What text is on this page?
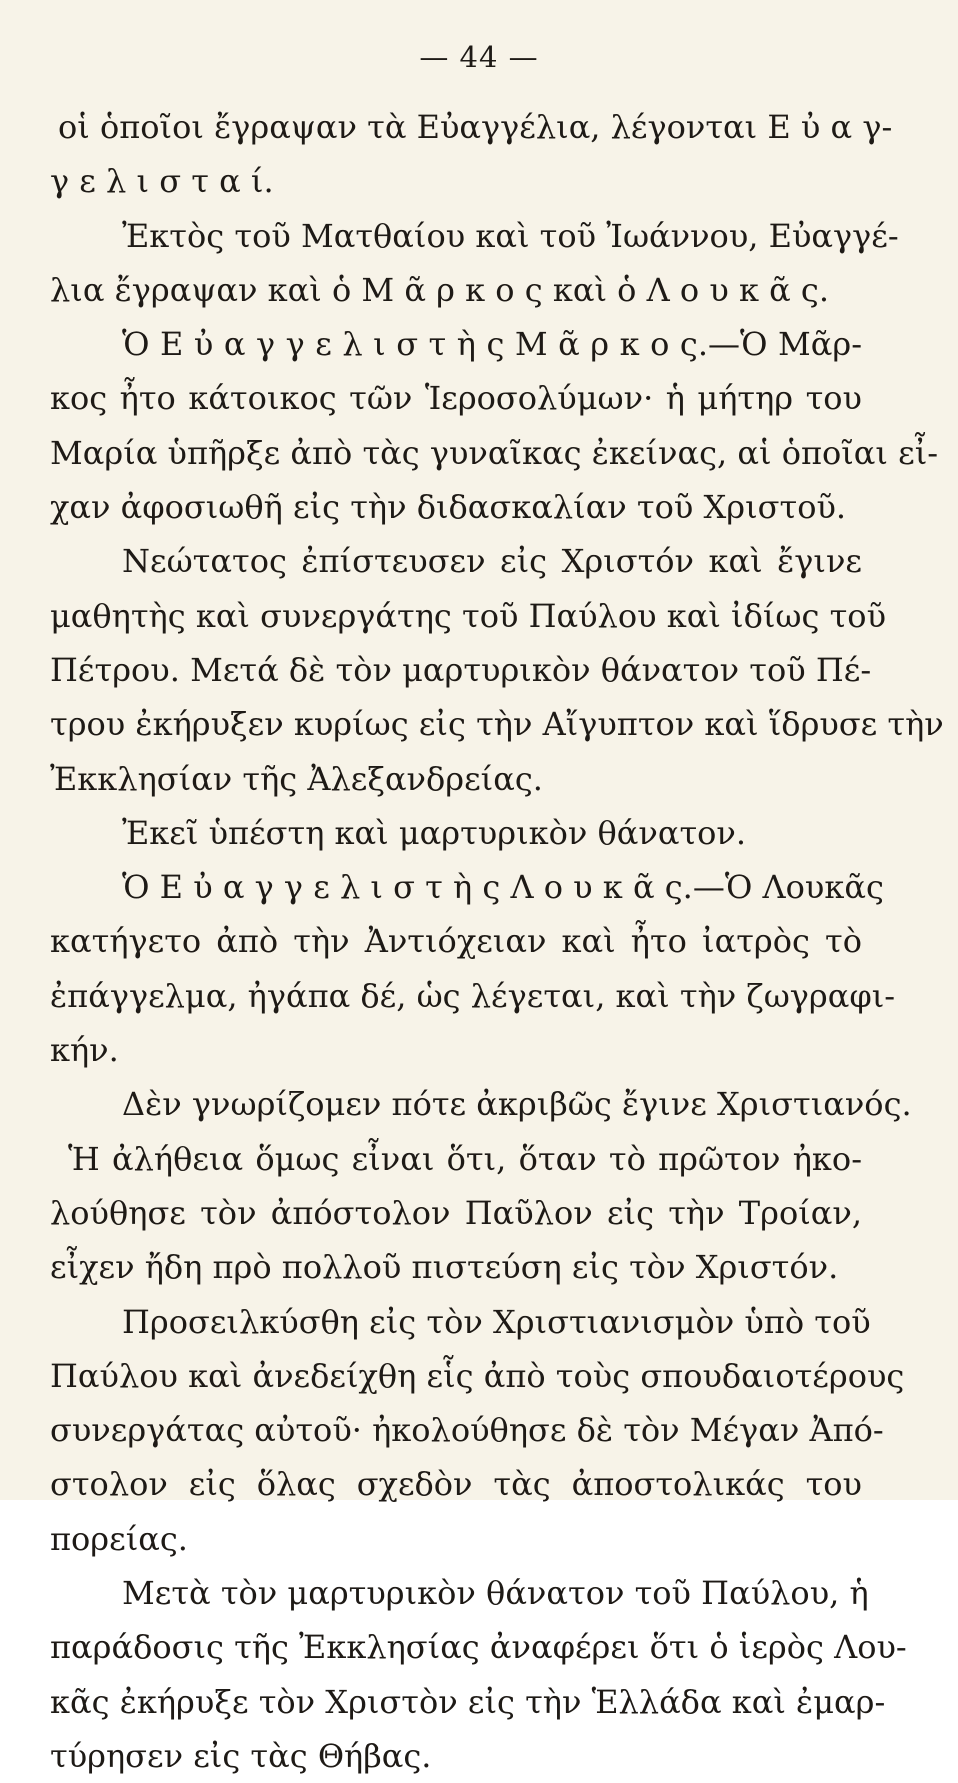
— 44 —
οἱ ὁποῖοι ἔγραψαν τὰ Εὐαγγέλια, λέγονται Ε ὐ α γ-
γ ε λ ι σ τ α ί.
Ἐκτὸς τοῦ Ματθαίου καὶ τοῦ Ἰωάννου, Εὐαγγέ-
λια ἔγραψαν καὶ ὁ Μ ᾶ ρ κ ο ς καὶ ὁ Λ ο υ κ ᾶ ς.
Ὁ Ε ὐ α γ γ ε λ ι σ τ ὴ ς Μ ᾶ ρ κ ο ς.—Ὁ Μᾶρ-
κος ἦτο κάτοικος τῶν Ἱεροσολύμων· ἡ μήτηρ του
Μαρία ὑπῆρξε ἀπὸ τὰς γυναῖκας ἐκείνας, αἱ ὁποῖαι εἶ-
χαν ἀφοσιωθῆ εἰς τὴν διδασκαλίαν τοῦ Χριστοῦ.
Νεώτατος ἐπίστευσεν εἰς Χριστόν καὶ ἔγινε
μαθητὴς καὶ συνεργάτης τοῦ Παύλου καὶ ἰδίως τοῦ
Πέτρου. Μετά δὲ τὸν μαρτυρικὸν θάνατον τοῦ Πέ-
τρου ἐκήρυξεν κυρίως εἰς τὴν Αἴγυπτον καὶ ἵδρυσε τὴν
Ἐκκλησίαν τῆς Ἀλεξανδρείας.
Ἐκεῖ ὑπέστη καὶ μαρτυρικὸν θάνατον.
Ὁ Ε ὐ α γ γ ε λ ι σ τ ὴ ς Λ ο υ κ ᾶ ς.—Ὁ Λουκᾶς
κατήγετο ἀπὸ τὴν Ἀντιόχειαν καὶ ἦτο ἰατρὸς τὸ
ἐπάγγελμα, ἠγάπα δέ, ὡς λέγεται, καὶ τὴν ζωγραφι-
κήν.
Δὲν γνωρίζομεν πότε ἀκριβῶς ἔγινε Χριστιανός.
Ἡ ἀλήθεια ὅμως εἶναι ὅτι, ὅταν τὸ πρῶτον ἠκο-
λούθησε τὸν ἀπόστολον Παῦλον εἰς τὴν Τροίαν,
εἶχεν ἤδη πρὸ πολλοῦ πιστεύση εἰς τὸν Χριστόν.
Προσειλκύσθη εἰς τὸν Χριστιανισμὸν ὑπὸ τοῦ
Παύλου καὶ ἀνεδείχθη εἷς ἀπὸ τοὺς σπουδαιοτέρους
συνεργάτας αὐτοῦ· ἠκολούθησε δὲ τὸν Μέγαν Ἀπό-
στολον εἰς ὅλας σχεδὸν τὰς ἀποστολικάς του
πορείας.
Μετὰ τὸν μαρτυρικὸν θάνατον τοῦ Παύλου, ἡ
παράδοσις τῆς Ἐκκλησίας ἀναφέρει ὅτι ὁ ἱερὸς Λου-
κᾶς ἐκήρυξε τὸν Χριστὸν εἰς τὴν Ἑλλάδα καὶ ἐμαρ-
τύρησεν εἰς τὰς Θήβας.
